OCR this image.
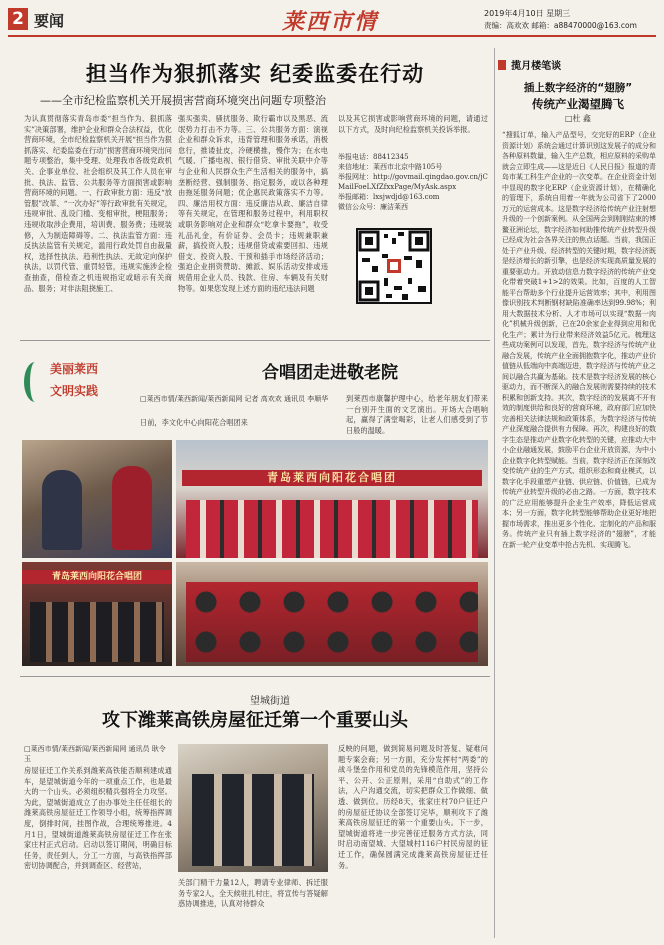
2 要闻	莱西市情	2019年4月10日 星期三
责编：高欢欢 邮箱：a88470000@163.com
担当作为狠抓落实 纪委监委在行动
——全市纪检监察机关开展损害营商环境突出问题专项整治
为认真贯彻落实青岛市委“担当作为、狠抓落实”决策部署，维护企业和群众合法权益，优化营商环境，全市纪检监察机关开展“担当作为狠抓落实、纪委监委在行动”损害营商环境突出问题专项整治，集中受理、处理我市各级党政机关、企事业单位、社会组织及其工作人员在审批、执法、监管、公共服务等方面损害或影响营商环境的问题。一、行政审批方面：违反“放管服”改革、“一次办好”等行政审批有关规定，违规审批、乱设门槛、变相审批，梗阻服务；违规收取涉企费用，培训费、服务费；违规装修，入为制造障碍等。二、执法监管方面：违反执法监管有关规定，滥用行政处罚自由裁量权，选择性执法、趋利性执法、无故定向保护执法，以罚代管、重罚轻管，违规实施涉企检查抽查，借检查之机违规指定或暗示有关商品、服务；对非法阻挠施工、
强买强卖、骚扰服务、欺行霸市以及黑恶、流氓势力打击不力等。三、公共服务方面：演视企业和群众诉求，违背管理和服务承诺，消极怠行，推诿扯皮，冷硬横推，慢作为；在水电气暖、广播电视、银行借贷、审批关联中介等与企业和人民群众生产生活相关的服务中，搞垄断经营、强制服务、指定服务，或以各种理由拖延服务问题；优企惠民政策落实不力等。四、廉洁用权方面：违反廉洁从政、廉洁自律等有关规定，在管理和服务过程中，利用职权或职务影响对企业和群众“吃拿卡要拖”，收受礼品礼金，有价证券、会员卡；违规兼职兼薪，搞投资入股；违规借贷或索要回扣、违规借支、投资入股、干预和插手市场经济活动；强迫企业捐资赞助、摊派、娱乐活动安排或违规借用企业人员、钱款、住房、车辆及有关财物等。如果您发现上述方面的违纪违法问题
以及其它损害或影响营商环境的问题，请通过以下方式，及时向纪检监察机关投诉举报。
举报电话：88412345
来信地址：莱西市北京中路105号
举报网址：http://govmail.qingdao.gov.cn/jCMailFoeLXfZfxxPage/MyAsk.aspx
举报邮箱：lxsjwdjd@163.com
微信公众号：廉洁莱西
揽月楼笔谈
插上数字经济的“翅膀”
传统产业渴望腾飞
□杜 鑫
“搜狐订单，输入产品型号，交完好的ERP（企业资源计划）系统会通过计算识别这发展子的成分和各种原料数量，输入生产总数，相应原料的采购单就会立即生成——这是近日《人民日报》报道的青岛市某工科生产企业的一次变革。在企业资金计划中显现的数字化ERP（企业资源计划），在精确化的管理下，系统自用着一年就为公司省下了2000万元的运营成本。这是数字经济给传统产业注射想升级的一个创新案例。从全国两会到刚刚结束的博鳌亚洲论坛，数字经济如何助推传统产业转型升级已经成为社会各界关注的焦点话题。当前，我国正处于产业升级、经济转型的关键时期，数字经济既是经济增长的新引擎，也是经济实现高质量发展的重要驱动力。开放动信息力数字经济的传统产业变化带着突破1+1>2的效果。比如，百度的人工智能平台帮助多个行业提升运营效率；其中，利用图像识别技术判断钢材缺陷准确率达到99.98%；利用大数据技术分析、人才市场可以实现“数据一肉化”机械升级创新，已在20余家企业得到应用和优化生产；累计为行业带来经济效益5亿元。梳理这些成功案例可以发现，首先，数字经济与传统产业融合发展，传统产业全面拥抱数字化，推动产业价值链从低端向中高端迈进，数字经济与传统产业之间以融合共赢为基础。技术是数字经济发展的核心驱动力，而不断深入的融合发展则需要持续的技术积累和创新支持。其次，数字经济的发展离不开有效的制度供给和良好的营商环境，政府部门应加快完善相关法律法规和政策体系，为数字经济与传统产业深度融合提供有力保障。再次，构建良好的数字生态是推动产业数字化转型的关键，应推动大中小企业融通发展，鼓励平台企业开放资源，为中小企业数字化转型赋能。当前，数字经济正在深刻改变传统产业的生产方式、组织形态和商业模式，以数字化手段重塑产业链、供应链、价值链，已成为传统产业转型升级的必由之路。一方面，数字技术的广泛应用能够提升企业生产效率，降低运营成本；另一方面，数字化转型能够帮助企业更好地把握市场需求，推出更多个性化、定制化的产品和服务。传统产业只有插上数字经济的“翅膀”，才能在新一轮产业变革中抢占先机、实现腾飞。
美丽莱西
文明实践
合唱团走进敬老院
□莱西市情/莱西新闻/莱西新闻网 记者 高欢欢 通讯员 李顺华
日前，李文化中心向阳花合唱团来
到莱西市康馨护理中心，给老年朋友们带来一台别开生面的文艺演出。开场大合唱响起，赢得了满堂喝彩，让老人们感受到了节日般的温暖。
青岛莱西向阳花合唱团
青岛莱西向阳花合唱团
望城街道
攻下潍莱高铁房屋征迁第一个重要山头
□莱西市情/莱西新闻/莱西新闻网 通讯员 耿令玉
房屋征迁工作关系到潍莱高铁能否顺利建成通车，是望城街道今年的一项重点工作，也是最大的一个山头。必须组织精兵强将全力攻坚。为此，望城街道成立了由办事处主任任组长的潍莱高铁房屋征迁工作领导小组，统筹指挥调度，倒排时间，挂图作战，合理统筹推进。4月1日，望城街道潍莱高铁房屋征迁工作在张家庄村正式启动。启动以签订期间，明确目标任务，责任到人，分工一方面，与高铁指挥部密切协调配合，并到调查区、经营站，
关部门精干力量12人，聘请专业律师、拆迁服务专家2人，全天候驻扎村庄，将宣传与答疑解惑协调推进，认真对待群众
反映的问题，做到简易问题及时答复、疑难问题专案会商；另一方面，充分发挥村“两委”的战斗堡垒作用和党员的先锋模范作用，坚持公平、公开、公正原则，采用“自助式”的工作法，入户沟通交流，切实把群众工作做细、做透、做到位。历经8天，张家庄村70户征迁户的房屋征迁协议全部签订完毕，顺利攻下了潍莱高铁房屋征迁的第一个重要山头。下一步，望城街道将进一步完善征迁服务方式方法，同时启动南望城、大望城村116户村民房屋的征迁工作，确保圆满完成潍莱高铁房屋征迁任务。
